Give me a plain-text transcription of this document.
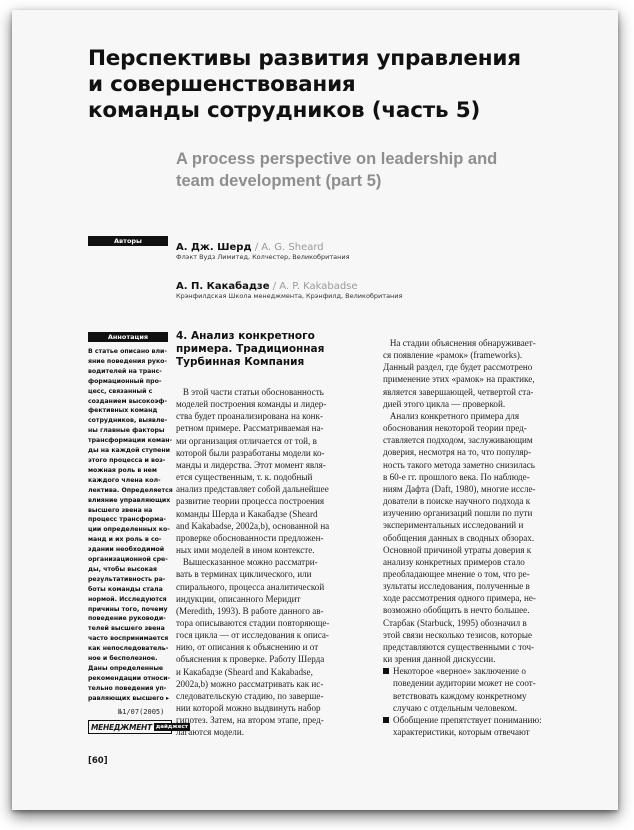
Перспективы развития управления
и совершенствования
команды сотрудников (часть 5)
A process perspective on leadership and
team development (part 5)
Авторы
А. Дж. Шерд / A. G. Sheard
Флэкт Вудз Лимитед, Колчестер, Великобритания
А. П. Какабадзе / A. P. Kakabadse
Крэнфилдская Школа менеджмента, Крэнфилд, Великобритания
Аннотация
В статье описано вли-
яние поведения руко-
водителей на транс-
формационный про-
цесс, связанный с
созданием высокоэф-
фективных команд
сотрудников, выявле-
ны главные факторы
трансформации коман-
ды на каждой ступени
этого процесса и воз-
можная роль в нем
каждого члена кол-
лектива. Определяется
влияние управляющих
высшего звена на
процесс трансформа-
ции определенных ко-
манд и их роль в со-
здании необходимой
организационной сре-
ды, чтобы высокая
результативность ра-
боты команды стала
нормой. Исследуются
причины того, почему
поведение руководи-
телей высшего звена
часто воспринимается
как непоследователь-
ное и бесполезное.
Даны определенные
рекомендации относи-
тельно поведения уп-
равляющих высшего ▸
№1/07(2005)
МЕНЕДЖМЕНТ дайджест
[60]
4. Анализ конкретного
примера. Традиционная
Турбинная Компания
В этой части статьи обоснованность
моделей построения команды и лидер-
ства будет проанализирована на конк-
ретном примере. Рассматриваемая на-
ми организация отличается от той, в
которой были разработаны модели ко-
манды и лидерства. Этот момент явля-
ется существенным, т. к. подобный
анализ представляет собой дальнейшее
развитие теории процесса построения
команды Шерда и Какабадзе (Sheard
and Kakabadse, 2002a,b), основанной на
проверке обоснованности предложен-
ных ими моделей в ином контексте.
Вышесказанное можно рассматри-
вать в терминах циклического, или
спирального, процесса аналитической
индукции, описанного Меридит
(Meredith, 1993). В работе данного ав-
тора описываются стадии повторяюще-
гося цикла — от исследования к описа-
нию, от описания к объяснению и от
объяснения к проверке. Работу Шерда
и Какабадзе (Sheard and Kakabadse,
2002a,b) можно рассматривать как ис-
следовательскую стадию, по заверше-
нии которой можно выдвинуть набор
гипотез. Затем, на втором этапе, пред-
лагаются модели.
На стадии объяснения обнаруживает-
ся появление «рамок» (frameworks).
Данный раздел, где будет рассмотрено
применение этих «рамок» на практике,
является завершающей, четвертой ста-
дией этого цикла — проверкой.
Анализ конкретного примера для
обоснования некоторой теории пред-
ставляется подходом, заслуживающим
доверия, несмотря на то, что популяр-
ность такого метода заметно снизилась
в 60-е гг. прошлого века. По наблюде-
ниям Дафта (Daft, 1980), многие иссле-
дователи в поиске научного подхода к
изучению организаций пошли по пути
экспериментальных исследований и
обобщения данных в сводных обзорах.
Основной причиной утраты доверия к
анализу конкретных примеров стало
преобладающее мнение о том, что ре-
зультаты исследования, полученные в
ходе рассмотрения одного примера, не-
возможно обобщить в нечто большее.
Старбак (Starbuck, 1995) обозначил в
этой связи несколько тезисов, которые
представляются существенными с точ-
ки зрения данной дискуссии.
Некоторое «верное» заключение о
поведении аудитории может не соот-
ветствовать каждому конкретному
случаю с отдельным человеком.
Обобщение препятствует пониманию:
характеристики, которым отвечают
